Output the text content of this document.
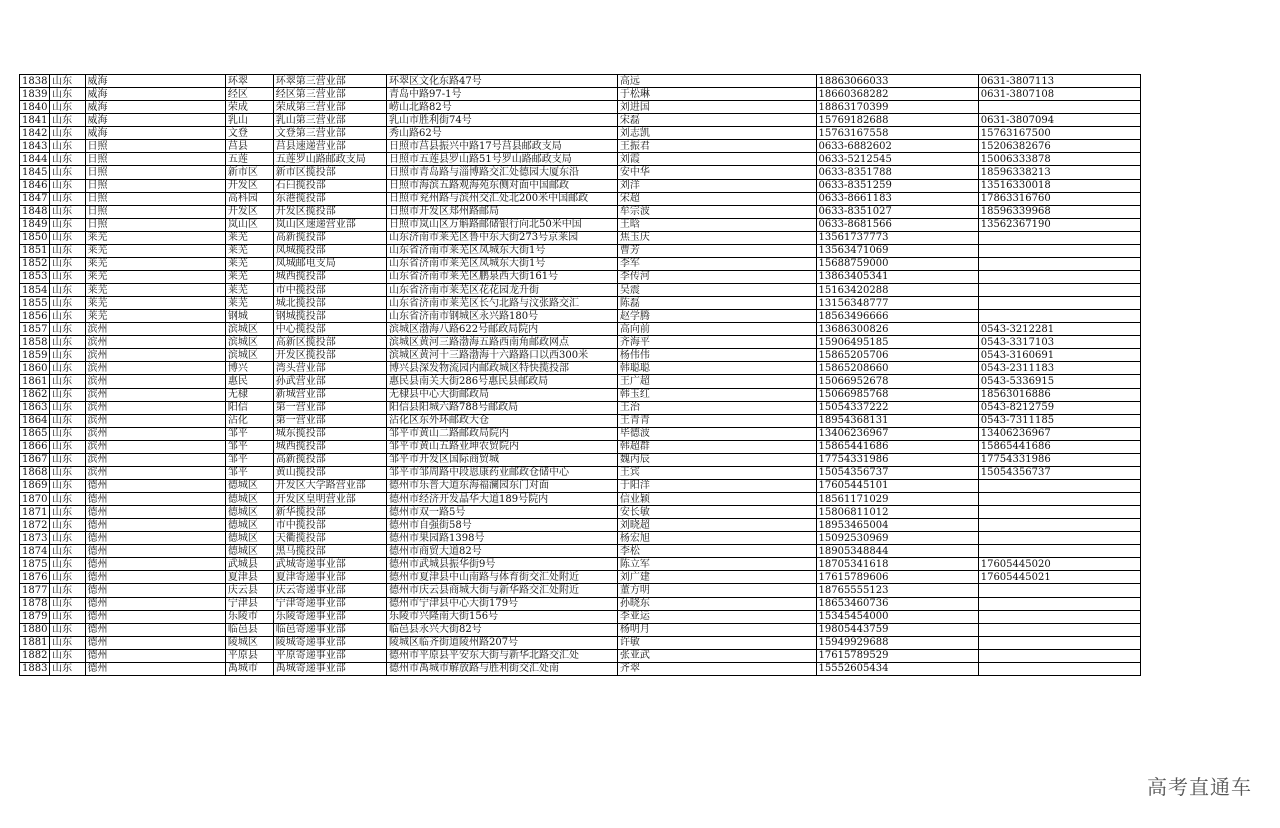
1838	山东	威海	环翠	环翠第三营业部	环翠区文化东路47号	高远	18863066033	0631-3807113
1839	山东	威海	经区	经区第三营业部	青岛中路97-1号	于松琳	18660368282	0631-3807108
1840	山东	威海	荣成	荣成第三营业部	崂山北路82号	刘进国	18863170399	
1841	山东	威海	乳山	乳山第三营业部	乳山市胜利街74号	宋磊	15769182688	0631-3807094
1842	山东	威海	文登	文登第三营业部	秀山路62号	刘志凯	15763167558	15763167500
1843	山东	日照	莒县	莒县速递营业部	日照市莒县振兴中路17号莒县邮政支局	王振君	0633-6882602	15206382676
1844	山东	日照	五莲	五莲罗山路邮政支局	日照市五莲县罗山路51号罗山路邮政支局	刘霞	0633-5212545	15006333878
1845	山东	日照	新市区	新市区揽投部	日照市青岛路与淄博路交汇处德园大厦东沿	安中华	0633-8351788	18596338213
1846	山东	日照	开发区	石臼揽投部	日照市海滨五路观海苑东侧对面中国邮政	刘洋	0633-8351259	13516330018
1847	山东	日照	高科园	东港揽投部	日照市兖州路与滨州交汇处北200米中国邮政	宋超	0633-8661183	17863316760
1848	山东	日照	开发区	开发区揽投部	日照市开发区郑州路邮局	牟宗波	0633-8351027	18596339968
1849	山东	日照	岚山区	岚山区速递营业部	日照市岚山区万斛路邮储银行向北50米中国	王晗	0633-8681566	13562367190
1850	山东	莱芜	莱芜	高新揽投部	山东济南市莱芜区鲁中东大街273号京莱园	焦玉庆	13561737773	
1851	山东	莱芜	莱芜	凤城揽投部	山东省济南市莱芜区凤城东大街1号	曹芳	13563471069	
1852	山东	莱芜	莱芜	凤城邮电支局	山东省济南市莱芜区凤城东大街1号	李军	15688759000	
1853	山东	莱芜	莱芜	城西揽投部	山东省济南市莱芜区鹏泉西大街161号	李传河	13863405341	
1854	山东	莱芜	莱芜	市中揽投部	山东省济南市莱芜区花花园龙升街	吴震	15163420288	
1855	山东	莱芜	莱芜	城北揽投部	山东省济南市莱芜区长勺北路与汶张路交汇	陈磊	13156348777	
1856	山东	莱芜	钢城	钢城揽投部	山东省济南市钢城区永兴路180号	赵学腾	18563496666	
1857	山东	滨州	滨城区	中心揽投部	滨城区渤海八路622号邮政局院内	高向前	13686300826	0543-3212281
1858	山东	滨州	滨城区	高新区揽投部	滨城区黄河三路渤海五路西南角邮政网点	齐海平	15906495185	0543-3317103
1859	山东	滨州	滨城区	开发区揽投部	滨城区黄河十三路渤海十六路路口以西300米	杨伟伟	15865205706	0543-3160691
1860	山东	滨州	博兴	湾头营业部	博兴县深发物流园内邮政城区特快揽投部	韩聪聪	15865208660	0543-2311183
1861	山东	滨州	惠民	孙武营业部	惠民县南关大街286号惠民县邮政局	王广超	15066952678	0543-5336915
1862	山东	滨州	无棣	新城营业部	无棣县中心大街邮政局	韩玉红	15066985768	18563016886
1863	山东	滨州	阳信	第一营业部	阳信县阳城六路788号邮政局	王治	15054337222	0543-8212759
1864	山东	滨州	沾化	第一营业部	沾化区东外环邮政大仓	王青青	18954368131	0543-7311185
1865	山东	滨州	邹平	城东揽投部	邹平市黄山二路邮政局院内	毕德波	13406236967	13406236967
1866	山东	滨州	邹平	城西揽投部	邹平市黄山五路业坤农贸院内	韩超群	15865441686	15865441686
1867	山东	滨州	邹平	高新揽投部	邹平市开发区国际商贸城	魏丙辰	17754331986	17754331986
1868	山东	滨州	邹平	黄山揽投部	邹平市邹周路中段恩康药业邮政仓储中心	王宾	15054356737	15054356737
1869	山东	德州	德城区	开发区大学路营业部	德州市乐普大道东海福澜园东门对面	于阳洋	17605445101	
1870	山东	德州	德城区	开发区皇明营业部	德州市经济开发晶华大道189号院内	信业颖	18561171029	
1871	山东	德州	德城区	新华揽投部	德州市双一路5号	安长敏	15806811012	
1872	山东	德州	德城区	市中揽投部	德州市自强街58号	刘晓超	18953465004	
1873	山东	德州	德城区	天衢揽投部	德州市果园路1398号	杨宏旭	15092530969	
1874	山东	德州	德城区	黑马揽投部	德州市商贸大道82号	李松	18905348844	
1875	山东	德州	武城县	武城寄递事业部	德州市武城县振华街9号	陈立军	18705341618	17605445020
1876	山东	德州	夏津县	夏津寄递事业部	德州市夏津县中山南路与体育街交汇处附近	刘广建	17615789606	17605445021
1877	山东	德州	庆云县	庆云寄递事业部	德州市庆云县商城大街与新华路交汇处附近	董方明	18765555123	
1878	山东	德州	宁津县	宁津寄递事业部	德州市宁津县中心大街179号	孙晓东	18653460736	
1879	山东	德州	乐陵市	乐陵寄递事业部	乐陵市兴隆南大街156号	李亚运	15345454000	
1880	山东	德州	临邑县	临邑寄递事业部	临邑县永兴大街82号	杨明月	19805443759	
1881	山东	德州	陵城区	陵城寄递事业部	陵城区临齐街道陵州路207号	许敏	15949929688	
1882	山东	德州	平原县	平原寄递事业部	德州市平原县平安东大街与新华北路交汇处	张亚武	17615789529	
1883	山东	德州	禹城市	禹城寄递事业部	德州市禹城市解放路与胜利街交汇处南	齐翠	15552605434	
高考直通车
